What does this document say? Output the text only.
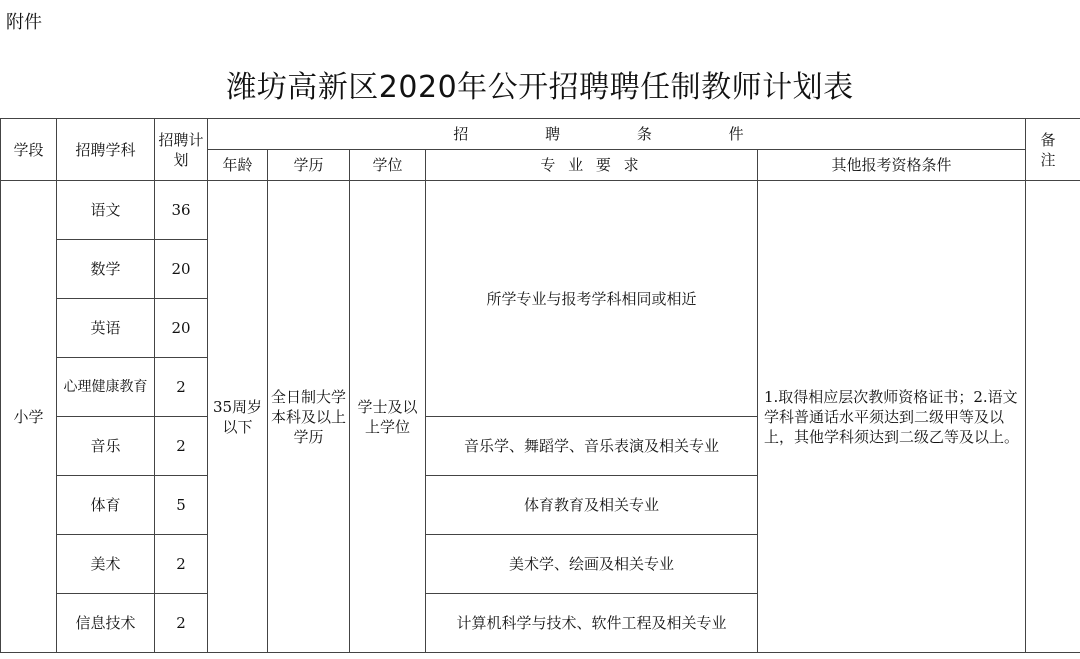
附件
潍坊高新区2020年公开招聘聘任制教师计划表
学段	招聘学科	招聘计划	招 聘 条 件					备 注
			年龄	学历	学位	专 业 要 求	其他报考资格条件	
小学	语文	36	35周岁以下	全日制大学本科及以上学历	学士及以上学位	所学专业与报考学科相同或相近	1.取得相应层次教师资格证书；2.语文学科普通话水平须达到二级甲等及以上，其他学科须达到二级乙等及以上。	
	数学	20						
	英语	20						
	心理健康教育	2						
	音乐	2				音乐学、舞蹈学、音乐表演及相关专业		
	体育	5				体育教育及相关专业		
	美术	2				美术学、绘画及相关专业		
	信息技术	2				计算机科学与技术、软件工程及相关专业		
